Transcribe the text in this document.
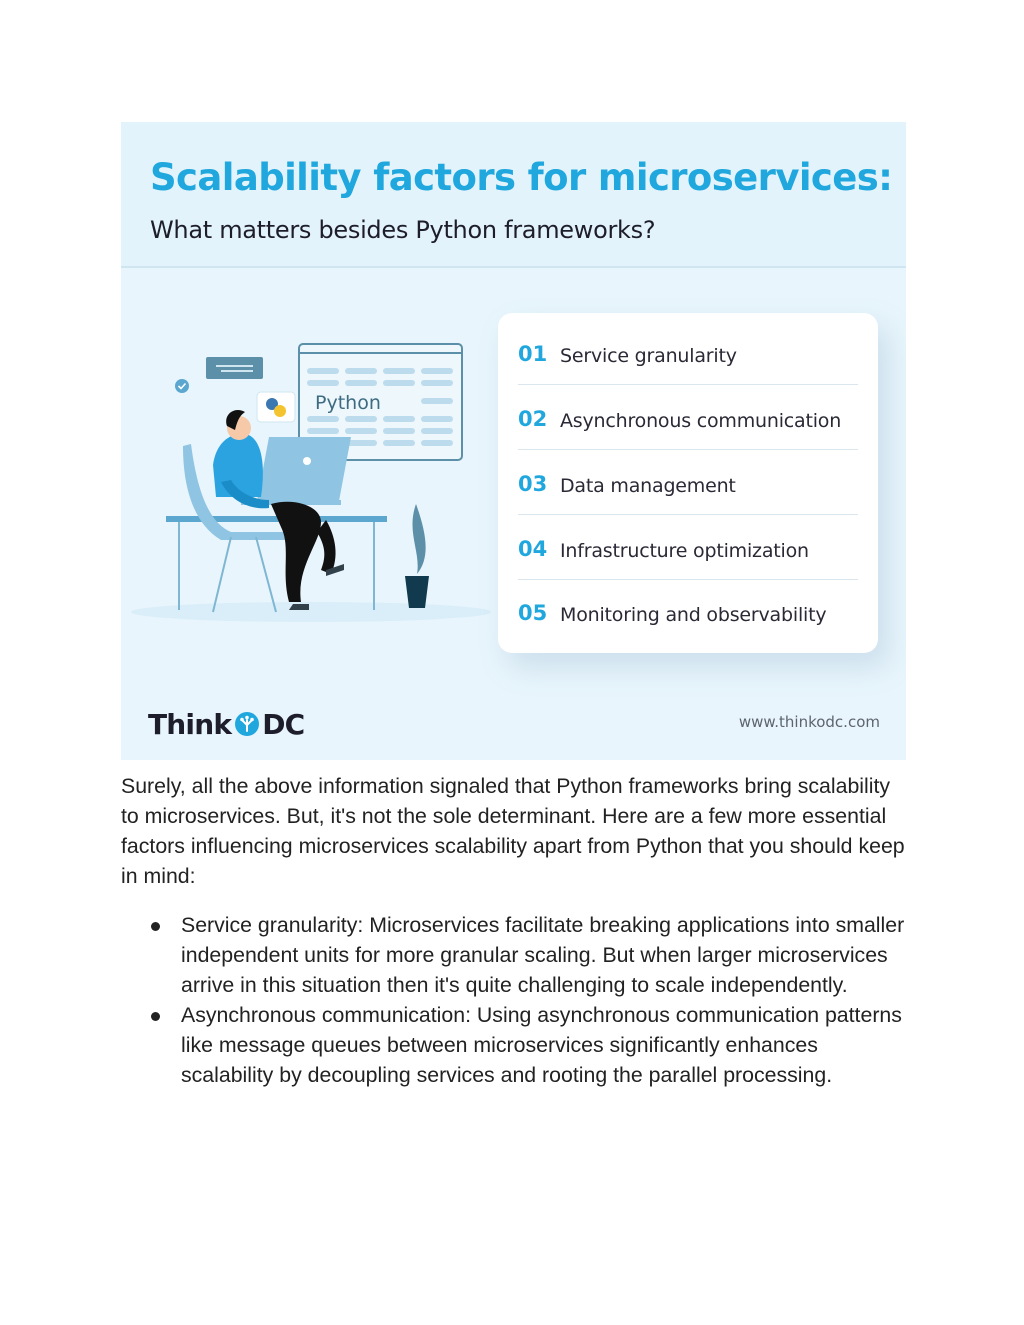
Scalability factors for microservices:
What matters besides Python frameworks?
Python
01 Service granularity
02 Asynchronous communication
03 Data management
04 Infrastructure optimization
05 Monitoring and observability
Think DC	www.thinkodc.com

Surely, all the above information signaled that Python frameworks bring scalability to microservices. But, it's not the sole determinant. Here are a few more essential factors influencing microservices scalability apart from Python that you should keep in mind:

Service granularity: Microservices facilitate breaking applications into smaller independent units for more granular scaling. But when larger microservices arrive in this situation then it's quite challenging to scale independently.
Asynchronous communication: Using asynchronous communication patterns like message queues between microservices significantly enhances scalability by decoupling services and rooting the parallel processing.
